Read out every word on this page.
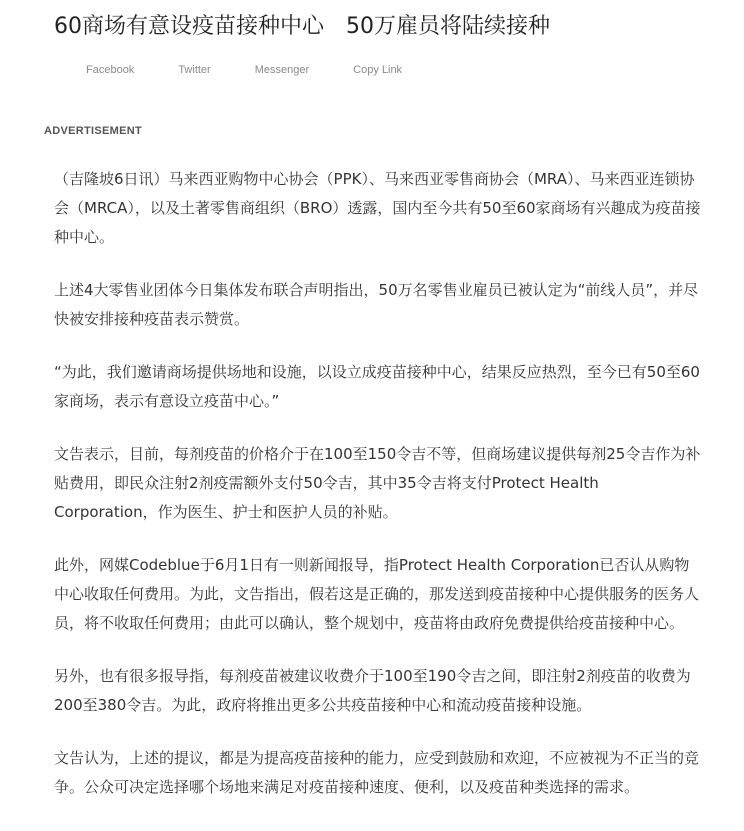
60商场有意设疫苗接种中心　50万雇员将陆续接种
Facebook	Twitter	Messenger	Copy Link
ADVERTISEMENT

（吉隆坡6日讯）马来西亚购物中心协会（PPK）、马来西亚零售商协会（MRA）、马来西亚连锁协会（MRCA），以及土著零售商组织（BRO）透露，国内至今共有50至60家商场有兴趣成为疫苗接种中心。

上述4大零售业团体今日集体发布联合声明指出，50万名零售业雇员已被认定为“前线人员”，并尽快被安排接种疫苗表示赞赏。

“为此，我们邀请商场提供场地和设施，以设立成疫苗接种中心，结果反应热烈，至今已有50至60家商场，表示有意设立疫苗中心。”

文告表示，目前，每剂疫苗的价格介于在100至150令吉不等，但商场建议提供每剂25令吉作为补贴费用，即民众注射2剂疫需额外支付50令吉，其中35令吉将支付Protect Health Corporation，作为医生、护士和医护人员的补贴。

此外，网媒Codeblue于6月1日有一则新闻报导，指Protect Health Corporation已否认从购物中心收取任何费用。为此，文告指出，假若这是正确的，那发送到疫苗接种中心提供服务的医务人员，将不收取任何费用；由此可以确认，整个规划中，疫苗将由政府免费提供给疫苗接种中心。

另外，也有很多报导指，每剂疫苗被建议收费介于100至190令吉之间，即注射2剂疫苗的收费为200至380令吉。为此，政府将推出更多公共疫苗接种中心和流动疫苗接种设施。

文告认为，上述的提议，都是为提高疫苗接种的能力，应受到鼓励和欢迎，不应被视为不正当的竞争。公众可决定选择哪个场地来满足对疫苗接种速度、便利，以及疫苗种类选择的需求。
